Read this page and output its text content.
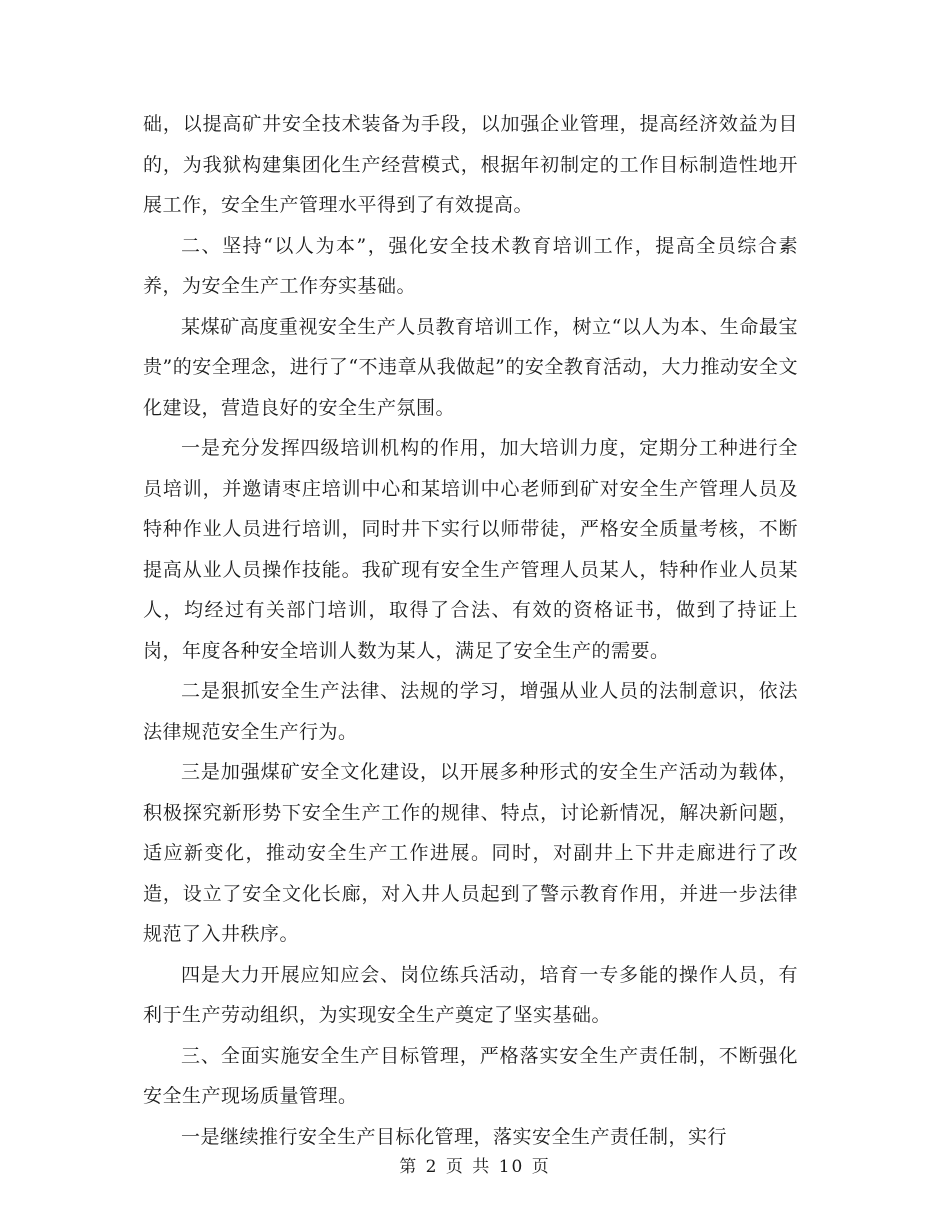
础，以提高矿井安全技术装备为手段，以加强企业管理，提高经济效益为目的，为我狱构建集团化生产经营模式，根据年初制定的工作目标制造性地开展工作，安全生产管理水平得到了有效提高。

二、坚持“以人为本”，强化安全技术教育培训工作，提高全员综合素养，为安全生产工作夯实基础。

某煤矿高度重视安全生产人员教育培训工作，树立“以人为本、生命最宝贵”的安全理念，进行了“不违章从我做起”的安全教育活动，大力推动安全文化建设，营造良好的安全生产氛围。

一是充分发挥四级培训机构的作用，加大培训力度，定期分工种进行全员培训，并邀请枣庄培训中心和某培训中心老师到矿对安全生产管理人员及特种作业人员进行培训，同时井下实行以师带徒，严格安全质量考核，不断提高从业人员操作技能。我矿现有安全生产管理人员某人，特种作业人员某人，均经过有关部门培训，取得了合法、有效的资格证书，做到了持证上岗，年度各种安全培训人数为某人，满足了安全生产的需要。

二是狠抓安全生产法律、法规的学习，增强从业人员的法制意识，依法法律规范安全生产行为。

三是加强煤矿安全文化建设，以开展多种形式的安全生产活动为载体，积极探究新形势下安全生产工作的规律、特点，讨论新情况，解决新问题，适应新变化，推动安全生产工作进展。同时，对副井上下井走廊进行了改造，设立了安全文化长廊，对入井人员起到了警示教育作用，并进一步法律规范了入井秩序。

四是大力开展应知应会、岗位练兵活动，培育一专多能的操作人员，有利于生产劳动组织，为实现安全生产奠定了坚实基础。

三、全面实施安全生产目标管理，严格落实安全生产责任制，不断强化安全生产现场质量管理。

一是继续推行安全生产目标化管理，落实安全生产责任制，实行

第 2 页 共 10 页
